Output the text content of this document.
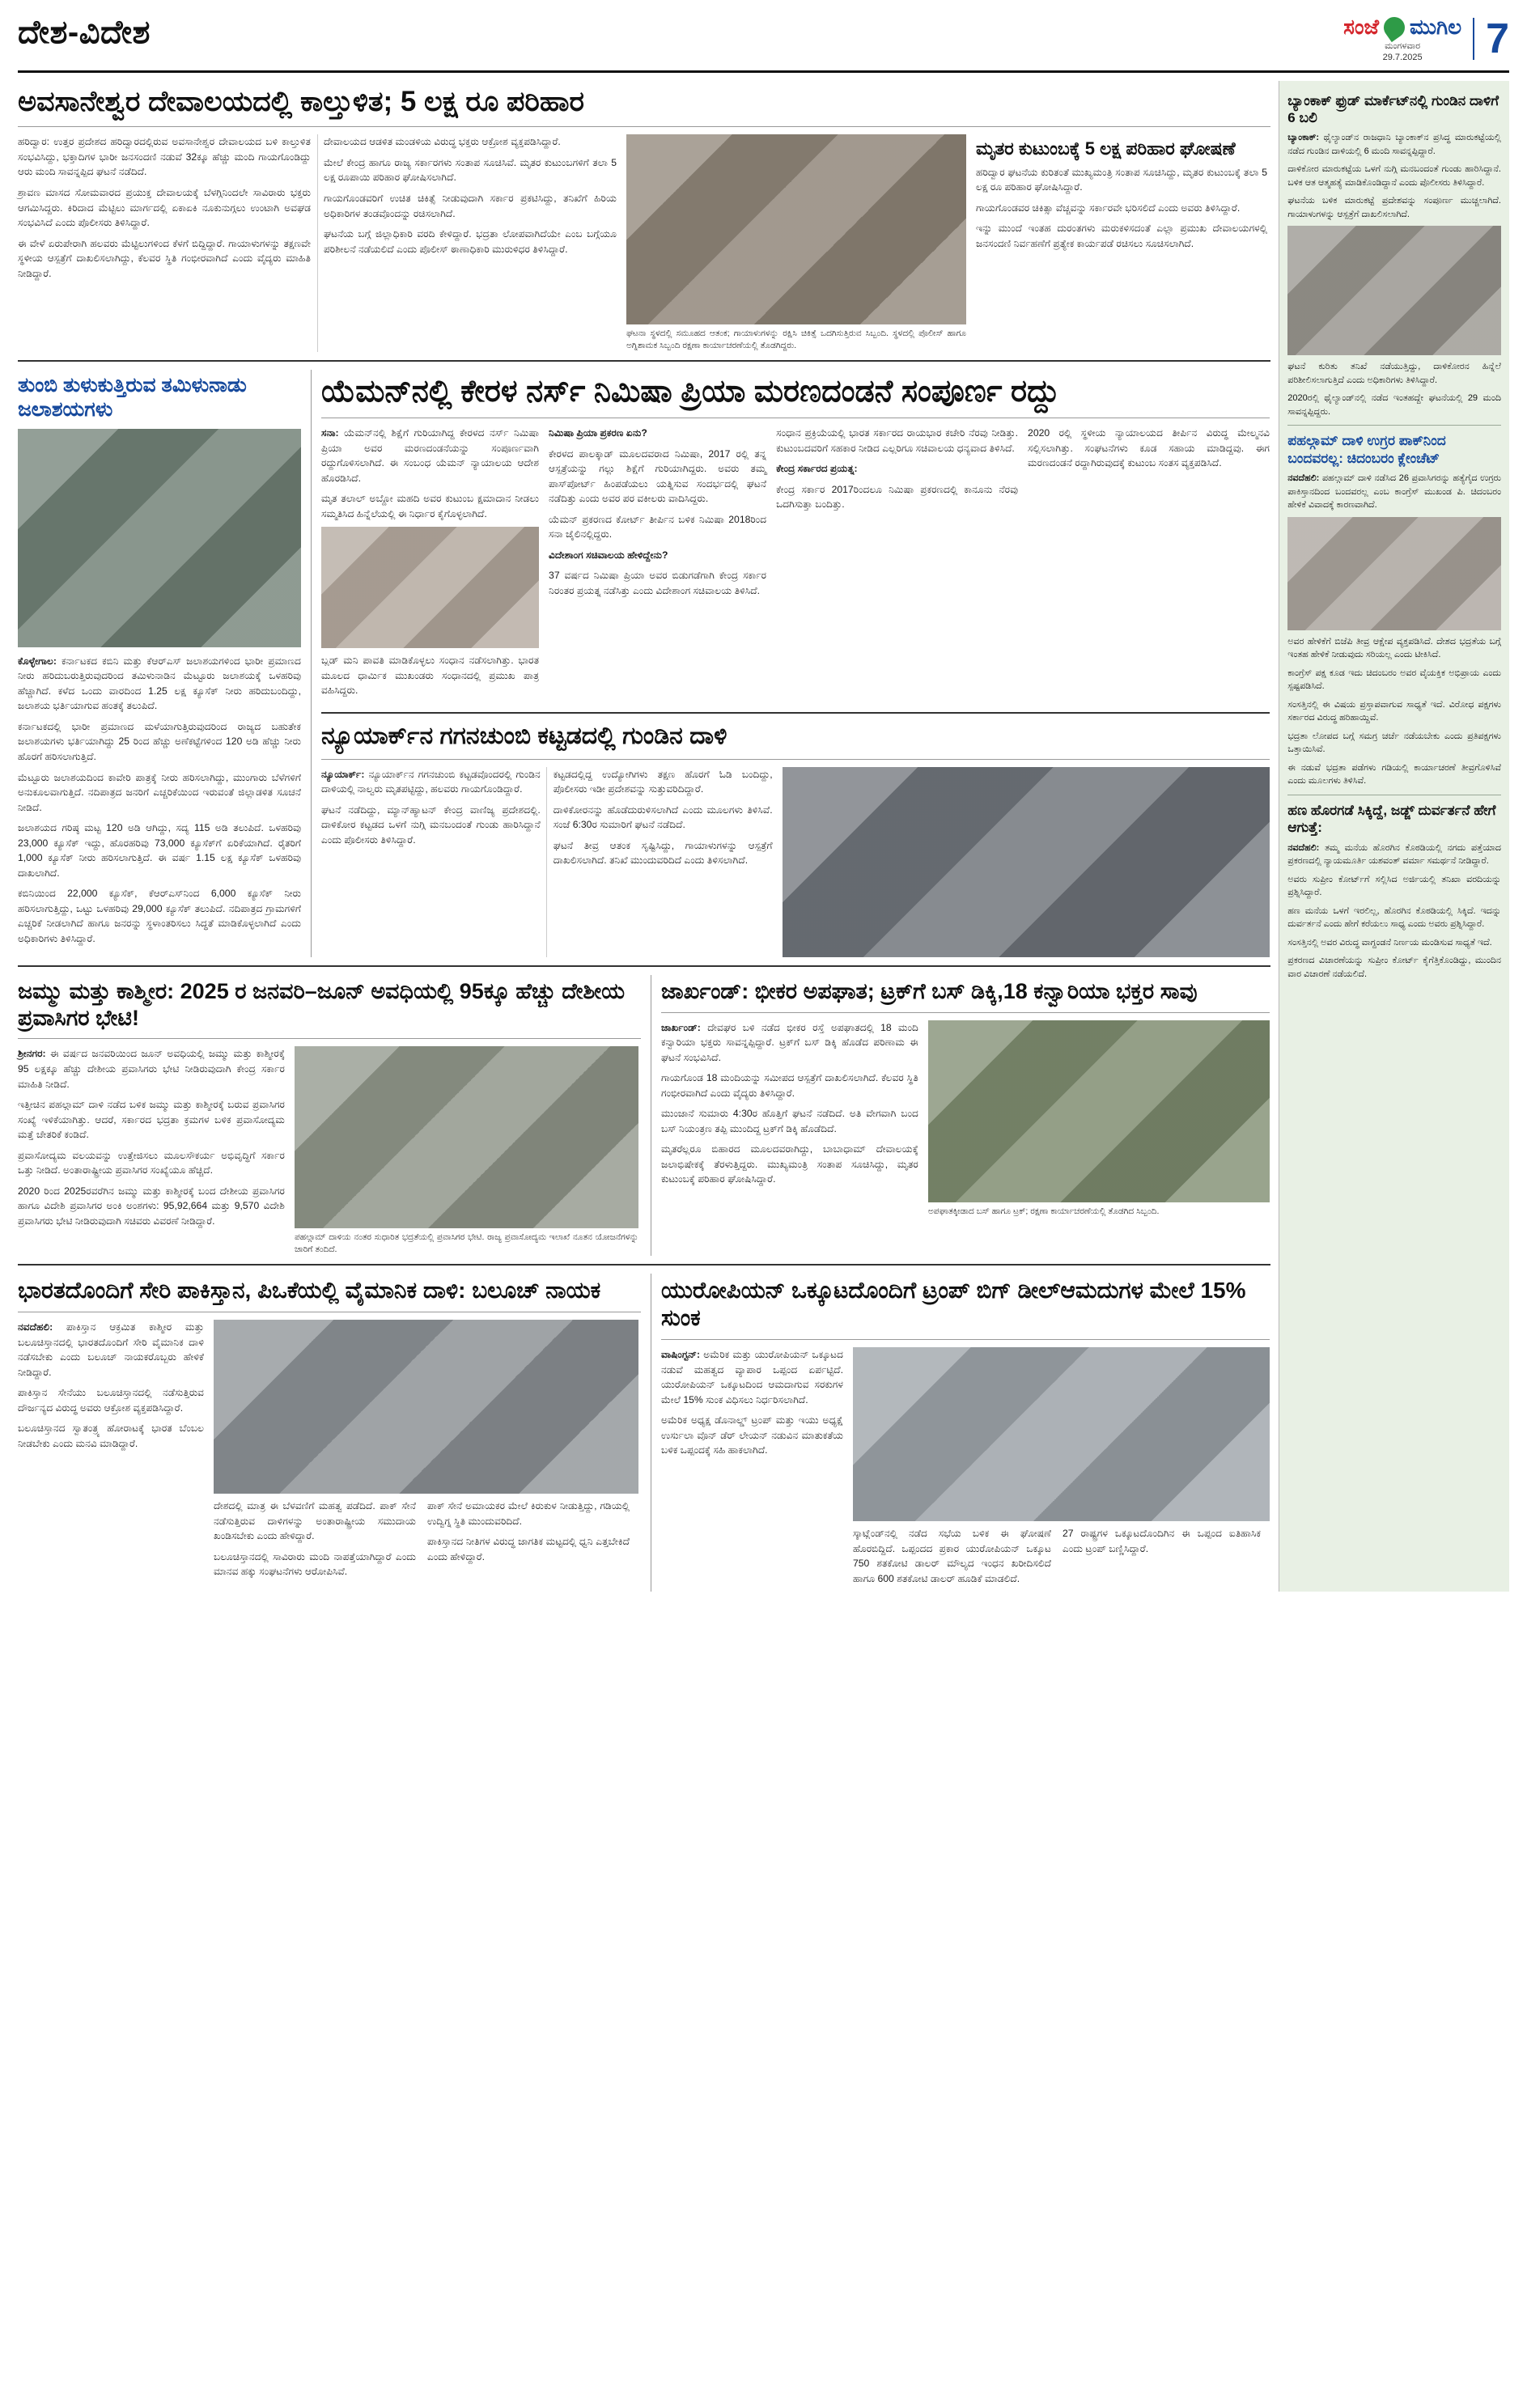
ದೇಶ-ವಿದೇಶ	ಸಂಜೆ ಮುಗಿಲ
ಮಂಗಳವಾರ
29.7.2025	7
ಅವಸಾನೇಶ್ವರ ದೇವಾಲಯದಲ್ಲಿ ಕಾಲ್ತುಳಿತ; 5 ಲಕ್ಷ ರೂ ಪರಿಹಾರ

ಹರಿದ್ವಾರ: ಉತ್ತರ ಪ್ರದೇಶದ ಹರಿದ್ವಾರದಲ್ಲಿರುವ ಅವಸಾನೇಶ್ವರ ದೇವಾಲಯದ ಬಳಿ ಕಾಲ್ತುಳಿತ ಸಂಭವಿಸಿದ್ದು, ಭಕ್ತಾದಿಗಳ ಭಾರೀ ಜನಸಂದಣಿ ನಡುವೆ 32ಕ್ಕೂ ಹೆಚ್ಚು ಮಂದಿ ಗಾಯಗೊಂಡಿದ್ದು ಆರು ಮಂದಿ ಸಾವನ್ನಪ್ಪಿದ ಘಟನೆ ನಡೆದಿದೆ.

ಶ್ರಾವಣ ಮಾಸದ ಸೋಮವಾರದ ಪ್ರಯುಕ್ತ ದೇವಾಲಯಕ್ಕೆ ಬೆಳಗ್ಗಿನಿಂದಲೇ ಸಾವಿರಾರು ಭಕ್ತರು ಆಗಮಿಸಿದ್ದರು. ಕಿರಿದಾದ ಮೆಟ್ಟಿಲು ಮಾರ್ಗದಲ್ಲಿ ಏಕಾಏಕಿ ನೂಕುನುಗ್ಗಲು ಉಂಟಾಗಿ ಅವಘಡ ಸಂಭವಿಸಿದೆ ಎಂದು ಪೊಲೀಸರು ತಿಳಿಸಿದ್ದಾರೆ.

ಈ ವೇಳೆ ಏರುಪೇರಾಗಿ ಹಲವರು ಮೆಟ್ಟಿಲುಗಳಿಂದ ಕೆಳಗೆ ಬಿದ್ದಿದ್ದಾರೆ. ಗಾಯಾಳುಗಳನ್ನು ತಕ್ಷಣವೇ ಸ್ಥಳೀಯ ಆಸ್ಪತ್ರೆಗೆ ದಾಖಲಿಸಲಾಗಿದ್ದು, ಕೆಲವರ ಸ್ಥಿತಿ ಗಂಭೀರವಾಗಿದೆ ಎಂದು ವೈದ್ಯರು ಮಾಹಿತಿ ನೀಡಿದ್ದಾರೆ.

ದೇವಾಲಯದ ಆಡಳಿತ ಮಂಡಳಿಯ ವಿರುದ್ಧ ಭಕ್ತರು ಆಕ್ರೋಶ ವ್ಯಕ್ತಪಡಿಸಿದ್ದಾರೆ.

ಮೇಲೆ ಕೇಂದ್ರ ಹಾಗೂ ರಾಜ್ಯ ಸರ್ಕಾರಗಳು ಸಂತಾಪ ಸೂಚಿಸಿವೆ. ಮೃತರ ಕುಟುಂಬಗಳಿಗೆ ತಲಾ 5 ಲಕ್ಷ ರೂಪಾಯಿ ಪರಿಹಾರ ಘೋಷಿಸಲಾಗಿದೆ.

ಗಾಯಗೊಂಡವರಿಗೆ ಉಚಿತ ಚಿಕಿತ್ಸೆ ನೀಡುವುದಾಗಿ ಸರ್ಕಾರ ಪ್ರಕಟಿಸಿದ್ದು, ತನಿಖೆಗೆ ಹಿರಿಯ ಅಧಿಕಾರಿಗಳ ತಂಡವೊಂದನ್ನು ರಚಿಸಲಾಗಿದೆ.

ಘಟನೆಯ ಬಗ್ಗೆ ಜಿಲ್ಲಾಧಿಕಾರಿ ವರದಿ ಕೇಳಿದ್ದಾರೆ. ಭದ್ರತಾ ಲೋಪವಾಗಿದೆಯೇ ಎಂಬ ಬಗ್ಗೆಯೂ ಪರಿಶೀಲನೆ ನಡೆಯಲಿದೆ ಎಂದು ಪೊಲೀಸ್ ಠಾಣಾಧಿಕಾರಿ ಮುರುಳಿಧರ ತಿಳಿಸಿದ್ದಾರೆ.

ಘಟನಾ ಸ್ಥಳದಲ್ಲಿ ಸಮೂಹದ ಆತಂಕ; ಗಾಯಾಳುಗಳನ್ನು ರಕ್ಷಿಸಿ ಚಿಕಿತ್ಸೆ ಒದಗಿಸುತ್ತಿರುವ ಸಿಬ್ಬಂದಿ. ಸ್ಥಳದಲ್ಲಿ ಪೊಲೀಸ್ ಹಾಗೂ ಅಗ್ನಿಶಾಮಕ ಸಿಬ್ಬಂದಿ ರಕ್ಷಣಾ ಕಾರ್ಯಾಚರಣೆಯಲ್ಲಿ ತೊಡಗಿದ್ದರು.
ಮೃತರ ಕುಟುಂಬಕ್ಕೆ 5 ಲಕ್ಷ ಪರಿಹಾರ ಘೋಷಣೆ

ಹರಿದ್ವಾರ ಘಟನೆಯ ಕುರಿತಂತೆ ಮುಖ್ಯಮಂತ್ರಿ ಸಂತಾಪ ಸೂಚಿಸಿದ್ದು, ಮೃತರ ಕುಟುಂಬಕ್ಕೆ ತಲಾ 5 ಲಕ್ಷ ರೂ ಪರಿಹಾರ ಘೋಷಿಸಿದ್ದಾರೆ.

ಗಾಯಗೊಂಡವರ ಚಿಕಿತ್ಸಾ ವೆಚ್ಚವನ್ನು ಸರ್ಕಾರವೇ ಭರಿಸಲಿದೆ ಎಂದು ಅವರು ತಿಳಿಸಿದ್ದಾರೆ.

ಇನ್ನು ಮುಂದೆ ಇಂತಹ ದುರಂತಗಳು ಮರುಕಳಿಸದಂತೆ ಎಲ್ಲಾ ಪ್ರಮುಖ ದೇವಾಲಯಗಳಲ್ಲಿ ಜನಸಂದಣಿ ನಿರ್ವಹಣೆಗೆ ಪ್ರತ್ಯೇಕ ಕಾರ್ಯಪಡೆ ರಚಿಸಲು ಸೂಚಿಸಲಾಗಿದೆ.

ತುಂಬಿ ತುಳುಕುತ್ತಿರುವ ತಮಿಳುನಾಡು ಜಲಾಶಯಗಳು

ಕೊಳ್ಳೇಗಾಲ: ಕರ್ನಾಟಕದ ಕಬಿನಿ ಮತ್ತು ಕೆಆರ್‌ಎಸ್ ಜಲಾಶಯಗಳಿಂದ ಭಾರೀ ಪ್ರಮಾಣದ ನೀರು ಹರಿದುಬರುತ್ತಿರುವುದರಿಂದ ತಮಿಳುನಾಡಿನ ಮೆಟ್ಟೂರು ಜಲಾಶಯಕ್ಕೆ ಒಳಹರಿವು ಹೆಚ್ಚಾಗಿದೆ. ಕಳೆದ ಒಂದು ವಾರದಿಂದ 1.25 ಲಕ್ಷ ಕ್ಯೂಸೆಕ್ ನೀರು ಹರಿದುಬಂದಿದ್ದು, ಜಲಾಶಯ ಭರ್ತಿಯಾಗುವ ಹಂತಕ್ಕೆ ತಲುಪಿದೆ.

ಕರ್ನಾಟಕದಲ್ಲಿ ಭಾರೀ ಪ್ರಮಾಣದ ಮಳೆಯಾಗುತ್ತಿರುವುದರಿಂದ ರಾಜ್ಯದ ಬಹುತೇಕ ಜಲಾಶಯಗಳು ಭರ್ತಿಯಾಗಿದ್ದು 25 ರಿಂದ ಹೆಚ್ಚು ಅಣೆಕಟ್ಟೆಗಳಿಂದ 120 ಅಡಿ ಹೆಚ್ಚು ನೀರು ಹೊರಗೆ ಹರಿಸಲಾಗುತ್ತಿದೆ.

ಮೆಟ್ಟೂರು ಜಲಾಶಯದಿಂದ ಕಾವೇರಿ ಪಾತ್ರಕ್ಕೆ ನೀರು ಹರಿಸಲಾಗಿದ್ದು, ಮುಂಗಾರು ಬೆಳೆಗಳಿಗೆ ಅನುಕೂಲವಾಗುತ್ತಿದೆ. ನದಿಪಾತ್ರದ ಜನರಿಗೆ ಎಚ್ಚರಿಕೆಯಿಂದ ಇರುವಂತೆ ಜಿಲ್ಲಾಡಳಿತ ಸೂಚನೆ ನೀಡಿದೆ.

ಜಲಾಶಯದ ಗರಿಷ್ಠ ಮಟ್ಟ 120 ಅಡಿ ಆಗಿದ್ದು, ಸದ್ಯ 115 ಅಡಿ ತಲುಪಿದೆ. ಒಳಹರಿವು 23,000 ಕ್ಯೂಸೆಕ್ ಇದ್ದು, ಹೊರಹರಿವು 73,000 ಕ್ಯೂಸೆಕ್‌ಗೆ ಏರಿಕೆಯಾಗಿದೆ. ರೈತರಿಗೆ 1,000 ಕ್ಯೂಸೆಕ್ ನೀರು ಹರಿಸಲಾಗುತ್ತಿದೆ. ಈ ವರ್ಷ 1.15 ಲಕ್ಷ ಕ್ಯೂಸೆಕ್ ಒಳಹರಿವು ದಾಖಲಾಗಿದೆ.

ಕಬಿನಿಯಿಂದ 22,000 ಕ್ಯೂಸೆಕ್, ಕೆಆರ್‌ಎಸ್‌ನಿಂದ 6,000 ಕ್ಯೂಸೆಕ್ ನೀರು ಹರಿಸಲಾಗುತ್ತಿದ್ದು, ಒಟ್ಟು ಒಳಹರಿವು 29,000 ಕ್ಯೂಸೆಕ್ ತಲುಪಿದೆ. ನದಿಪಾತ್ರದ ಗ್ರಾಮಗಳಿಗೆ ಎಚ್ಚರಿಕೆ ನೀಡಲಾಗಿದೆ ಹಾಗೂ ಜನರನ್ನು ಸ್ಥಳಾಂತರಿಸಲು ಸಿದ್ಧತೆ ಮಾಡಿಕೊಳ್ಳಲಾಗಿದೆ ಎಂದು ಅಧಿಕಾರಿಗಳು ತಿಳಿಸಿದ್ದಾರೆ.

ಯೆಮನ್‌ನಲ್ಲಿ ಕೇರಳ ನರ್ಸ್ ನಿಮಿಷಾ ಪ್ರಿಯಾ ಮರಣದಂಡನೆ ಸಂಪೂರ್ಣ ರದ್ದು

ಸನಾ: ಯೆಮನ್‌ನಲ್ಲಿ ಶಿಕ್ಷೆಗೆ ಗುರಿಯಾಗಿದ್ದ ಕೇರಳದ ನರ್ಸ್ ನಿಮಿಷಾ ಪ್ರಿಯಾ ಅವರ ಮರಣದಂಡನೆಯನ್ನು ಸಂಪೂರ್ಣವಾಗಿ ರದ್ದುಗೊಳಿಸಲಾಗಿದೆ. ಈ ಸಂಬಂಧ ಯೆಮನ್ ನ್ಯಾಯಾಲಯ ಆದೇಶ ಹೊರಡಿಸಿದೆ.

ಮೃತ ತಲಾಲ್ ಅಬ್ದೋ ಮಹದಿ ಅವರ ಕುಟುಂಬ ಕ್ಷಮಾದಾನ ನೀಡಲು ಸಮ್ಮತಿಸಿದ ಹಿನ್ನೆಲೆಯಲ್ಲಿ ಈ ನಿರ್ಧಾರ ಕೈಗೊಳ್ಳಲಾಗಿದೆ.

ಬ್ಲಡ್ ಮನಿ ಪಾವತಿ ಮಾಡಿಕೊಳ್ಳಲು ಸಂಧಾನ ನಡೆಸಲಾಗಿತ್ತು. ಭಾರತ ಮೂಲದ ಧಾರ್ಮಿಕ ಮುಖಂಡರು ಸಂಧಾನದಲ್ಲಿ ಪ್ರಮುಖ ಪಾತ್ರ ವಹಿಸಿದ್ದರು.

ನಿಮಿಷಾ ಪ್ರಿಯಾ ಪ್ರಕರಣ ಏನು?

ಕೇರಳದ ಪಾಲಕ್ಕಾಡ್ ಮೂಲದವರಾದ ನಿಮಿಷಾ, 2017 ರಲ್ಲಿ ತನ್ನ ಆಸ್ಪತ್ರೆಯನ್ನು ಗಲ್ಲು ಶಿಕ್ಷೆಗೆ ಗುರಿಯಾಗಿದ್ದರು. ಅವರು ತಮ್ಮ ಪಾಸ್‌ಪೋರ್ಟ್ ಹಿಂಪಡೆಯಲು ಯತ್ನಿಸುವ ಸಂದರ್ಭದಲ್ಲಿ ಘಟನೆ ನಡೆದಿತ್ತು ಎಂದು ಅವರ ಪರ ವಕೀಲರು ವಾದಿಸಿದ್ದರು.

ಯೆಮನ್ ಪ್ರಕರಣದ ಕೋರ್ಟ್ ತೀರ್ಪಿನ ಬಳಿಕ ನಿಮಿಷಾ 2018ರಿಂದ ಸನಾ ಜೈಲಿನಲ್ಲಿದ್ದರು.

ವಿದೇಶಾಂಗ ಸಚಿವಾಲಯ ಹೇಳಿದ್ದೇನು?

37 ವರ್ಷದ ನಿಮಿಷಾ ಪ್ರಿಯಾ ಅವರ ಬಿಡುಗಡೆಗಾಗಿ ಕೇಂದ್ರ ಸರ್ಕಾರ ನಿರಂತರ ಪ್ರಯತ್ನ ನಡೆಸಿತ್ತು ಎಂದು ವಿದೇಶಾಂಗ ಸಚಿವಾಲಯ ತಿಳಿಸಿದೆ.

ಸಂಧಾನ ಪ್ರಕ್ರಿಯೆಯಲ್ಲಿ ಭಾರತ ಸರ್ಕಾರದ ರಾಯಭಾರ ಕಚೇರಿ ನೆರವು ನೀಡಿತ್ತು. ಕುಟುಂಬದವರಿಗೆ ಸಹಕಾರ ನೀಡಿದ ಎಲ್ಲರಿಗೂ ಸಚಿವಾಲಯ ಧನ್ಯವಾದ ತಿಳಿಸಿದೆ.

ಕೇಂದ್ರ ಸರ್ಕಾರದ ಪ್ರಯತ್ನ:

ಕೇಂದ್ರ ಸರ್ಕಾರ 2017ರಿಂದಲೂ ನಿಮಿಷಾ ಪ್ರಕರಣದಲ್ಲಿ ಕಾನೂನು ನೆರವು ಒದಗಿಸುತ್ತಾ ಬಂದಿತ್ತು.

2020 ರಲ್ಲಿ ಸ್ಥಳೀಯ ನ್ಯಾಯಾಲಯದ ತೀರ್ಪಿನ ವಿರುದ್ಧ ಮೇಲ್ಮನವಿ ಸಲ್ಲಿಸಲಾಗಿತ್ತು. ಸಂಘಟನೆಗಳು ಕೂಡ ಸಹಾಯ ಮಾಡಿದ್ದವು. ಈಗ ಮರಣದಂಡನೆ ರದ್ದಾಗಿರುವುದಕ್ಕೆ ಕುಟುಂಬ ಸಂತಸ ವ್ಯಕ್ತಪಡಿಸಿದೆ.

ನ್ಯೂಯಾರ್ಕ್‌ನ ಗಗನಚುಂಬಿ ಕಟ್ಟಡದಲ್ಲಿ ಗುಂಡಿನ ದಾಳಿ

ನ್ಯೂಯಾರ್ಕ್: ನ್ಯೂಯಾರ್ಕ್‌ನ ಗಗನಚುಂಬಿ ಕಟ್ಟಡವೊಂದರಲ್ಲಿ ಗುಂಡಿನ ದಾಳಿಯಲ್ಲಿ ನಾಲ್ವರು ಮೃತಪಟ್ಟಿದ್ದು, ಹಲವರು ಗಾಯಗೊಂಡಿದ್ದಾರೆ.

ಘಟನೆ ನಡೆದಿದ್ದು, ಮ್ಯಾನ್‌ಹ್ಯಾಟನ್ ಕೇಂದ್ರ ವಾಣಿಜ್ಯ ಪ್ರದೇಶದಲ್ಲಿ. ದಾಳಿಕೋರ ಕಟ್ಟಡದ ಒಳಗೆ ನುಗ್ಗಿ ಮನಬಂದಂತೆ ಗುಂಡು ಹಾರಿಸಿದ್ದಾನೆ ಎಂದು ಪೊಲೀಸರು ತಿಳಿಸಿದ್ದಾರೆ.

ಕಟ್ಟಡದಲ್ಲಿದ್ದ ಉದ್ಯೋಗಿಗಳು ತಕ್ಷಣ ಹೊರಗೆ ಓಡಿ ಬಂದಿದ್ದು, ಪೊಲೀಸರು ಇಡೀ ಪ್ರದೇಶವನ್ನು ಸುತ್ತುವರಿದಿದ್ದಾರೆ.

ದಾಳಿಕೋರನನ್ನು ಹೊಡೆದುರುಳಿಸಲಾಗಿದೆ ಎಂದು ಮೂಲಗಳು ತಿಳಿಸಿವೆ. ಸಂಜೆ 6:30ರ ಸುಮಾರಿಗೆ ಘಟನೆ ನಡೆದಿದೆ.

ಘಟನೆ ತೀವ್ರ ಆತಂಕ ಸೃಷ್ಟಿಸಿದ್ದು, ಗಾಯಾಳುಗಳನ್ನು ಆಸ್ಪತ್ರೆಗೆ ದಾಖಲಿಸಲಾಗಿದೆ. ತನಿಖೆ ಮುಂದುವರಿದಿದೆ ಎಂದು ತಿಳಿಸಲಾಗಿದೆ.

ಜಮ್ಮು ಮತ್ತು ಕಾಶ್ಮೀರ: 2025 ರ ಜನವರಿ–ಜೂನ್ ಅವಧಿಯಲ್ಲಿ 95ಕ್ಕೂ ಹೆಚ್ಚು ದೇಶೀಯ ಪ್ರವಾಸಿಗರ ಭೇಟಿ!

ಶ್ರೀನಗರ: ಈ ವರ್ಷದ ಜನವರಿಯಿಂದ ಜೂನ್ ಅವಧಿಯಲ್ಲಿ ಜಮ್ಮು ಮತ್ತು ಕಾಶ್ಮೀರಕ್ಕೆ 95 ಲಕ್ಷಕ್ಕೂ ಹೆಚ್ಚು ದೇಶೀಯ ಪ್ರವಾಸಿಗರು ಭೇಟಿ ನೀಡಿರುವುದಾಗಿ ಕೇಂದ್ರ ಸರ್ಕಾರ ಮಾಹಿತಿ ನೀಡಿದೆ.

ಇತ್ತೀಚಿನ ಪಹಲ್ಗಾಮ್ ದಾಳಿ ನಡೆದ ಬಳಿಕ ಜಮ್ಮು ಮತ್ತು ಕಾಶ್ಮೀರಕ್ಕೆ ಬರುವ ಪ್ರವಾಸಿಗರ ಸಂಖ್ಯೆ ಇಳಿಕೆಯಾಗಿತ್ತು. ಆದರೆ, ಸರ್ಕಾರದ ಭದ್ರತಾ ಕ್ರಮಗಳ ಬಳಿಕ ಪ್ರವಾಸೋದ್ಯಮ ಮತ್ತೆ ಚೇತರಿಕೆ ಕಂಡಿದೆ.

ಪ್ರವಾಸೋದ್ಯಮ ವಲಯವನ್ನು ಉತ್ತೇಜಿಸಲು ಮೂಲಸೌಕರ್ಯ ಅಭಿವೃದ್ಧಿಗೆ ಸರ್ಕಾರ ಒತ್ತು ನೀಡಿದೆ. ಅಂತಾರಾಷ್ಟ್ರೀಯ ಪ್ರವಾಸಿಗರ ಸಂಖ್ಯೆಯೂ ಹೆಚ್ಚಿದೆ.

2020 ರಿಂದ 2025ರವರೆಗಿನ ಜಮ್ಮು ಮತ್ತು ಕಾಶ್ಮೀರಕ್ಕೆ ಬಂದ ದೇಶೀಯ ಪ್ರವಾಸಿಗರ ಹಾಗೂ ವಿದೇಶಿ ಪ್ರವಾಸಿಗರ ಅಂಕಿ ಅಂಶಗಳು: 95,92,664 ಮತ್ತು 9,570 ವಿದೇಶಿ ಪ್ರವಾಸಿಗರು ಭೇಟಿ ನೀಡಿರುವುದಾಗಿ ಸಚಿವರು ವಿವರಣೆ ನೀಡಿದ್ದಾರೆ.

ಪಹಲ್ಗಾಮ್ ದಾಳಿಯ ನಂತರ ಸುಧಾರಿತ ಭದ್ರತೆಯಲ್ಲಿ ಪ್ರವಾಸಿಗರ ಭೇಟಿ. ರಾಜ್ಯ ಪ್ರವಾಸೋದ್ಯಮ ಇಲಾಖೆ ನೂತನ ಯೋಜನೆಗಳನ್ನು ಜಾರಿಗೆ ತಂದಿದೆ.
ಜಾರ್ಖಂಡ್: ಭೀಕರ ಅಪಘಾತ; ಟ್ರಕ್‌ಗೆ ಬಸ್ ಡಿಕ್ಕಿ,18 ಕನ್ವಾರಿಯಾ ಭಕ್ತರ ಸಾವು

ಜಾರ್ಖಂಡ್: ದೇವಘರ ಬಳಿ ನಡೆದ ಭೀಕರ ರಸ್ತೆ ಅಪಘಾತದಲ್ಲಿ 18 ಮಂದಿ ಕನ್ವಾರಿಯಾ ಭಕ್ತರು ಸಾವನ್ನಪ್ಪಿದ್ದಾರೆ. ಟ್ರಕ್‌ಗೆ ಬಸ್ ಡಿಕ್ಕಿ ಹೊಡೆದ ಪರಿಣಾಮ ಈ ಘಟನೆ ಸಂಭವಿಸಿದೆ.

ಗಾಯಗೊಂಡ 18 ಮಂದಿಯನ್ನು ಸಮೀಪದ ಆಸ್ಪತ್ರೆಗೆ ದಾಖಲಿಸಲಾಗಿದೆ. ಕೆಲವರ ಸ್ಥಿತಿ ಗಂಭೀರವಾಗಿದೆ ಎಂದು ವೈದ್ಯರು ತಿಳಿಸಿದ್ದಾರೆ.

ಮುಂಜಾನೆ ಸುಮಾರು 4:30ರ ಹೊತ್ತಿಗೆ ಘಟನೆ ನಡೆದಿದೆ. ಅತಿ ವೇಗವಾಗಿ ಬಂದ ಬಸ್ ನಿಯಂತ್ರಣ ತಪ್ಪಿ ಮುಂದಿದ್ದ ಟ್ರಕ್‌ಗೆ ಡಿಕ್ಕಿ ಹೊಡೆದಿದೆ.

ಮೃತರೆಲ್ಲರೂ ಬಿಹಾರದ ಮೂಲದವರಾಗಿದ್ದು, ಬಾಬಾಧಾಮ್ ದೇವಾಲಯಕ್ಕೆ ಜಲಾಭಿಷೇಕಕ್ಕೆ ತೆರಳುತ್ತಿದ್ದರು. ಮುಖ್ಯಮಂತ್ರಿ ಸಂತಾಪ ಸೂಚಿಸಿದ್ದು, ಮೃತರ ಕುಟುಂಬಕ್ಕೆ ಪರಿಹಾರ ಘೋಷಿಸಿದ್ದಾರೆ.

ಅಪಘಾತಕ್ಕೀಡಾದ ಬಸ್ ಹಾಗೂ ಟ್ರಕ್; ರಕ್ಷಣಾ ಕಾರ್ಯಾಚರಣೆಯಲ್ಲಿ ತೊಡಗಿದ ಸಿಬ್ಬಂದಿ.
ಭಾರತದೊಂದಿಗೆ ಸೇರಿ ಪಾಕಿಸ್ತಾನ, ಪಿಒಕೆಯಲ್ಲಿ ವೈಮಾನಿಕ ದಾಳಿ: ಬಲೂಚ್ ನಾಯಕ

ನವದೆಹಲಿ: ಪಾಕಿಸ್ತಾನ ಆಕ್ರಮಿತ ಕಾಶ್ಮೀರ ಮತ್ತು ಬಲೂಚಿಸ್ತಾನದಲ್ಲಿ ಭಾರತದೊಂದಿಗೆ ಸೇರಿ ವೈಮಾನಿಕ ದಾಳಿ ನಡೆಸಬೇಕು ಎಂದು ಬಲೂಚ್ ನಾಯಕರೊಬ್ಬರು ಹೇಳಿಕೆ ನೀಡಿದ್ದಾರೆ.

ಪಾಕಿಸ್ತಾನ ಸೇನೆಯು ಬಲೂಚಿಸ್ತಾನದಲ್ಲಿ ನಡೆಸುತ್ತಿರುವ ದೌರ್ಜನ್ಯದ ವಿರುದ್ಧ ಅವರು ಆಕ್ರೋಶ ವ್ಯಕ್ತಪಡಿಸಿದ್ದಾರೆ.

ಬಲೂಚಿಸ್ತಾನದ ಸ್ವಾತಂತ್ರ್ಯ ಹೋರಾಟಕ್ಕೆ ಭಾರತ ಬೆಂಬಲ ನೀಡಬೇಕು ಎಂದು ಮನವಿ ಮಾಡಿದ್ದಾರೆ.

ದೇಶದಲ್ಲಿ ಮಾತ್ರ ಈ ಬೆಳವಣಿಗೆ ಮಹತ್ವ ಪಡೆದಿದೆ. ಪಾಕ್ ಸೇನೆ ನಡೆಸುತ್ತಿರುವ ದಾಳಿಗಳನ್ನು ಅಂತಾರಾಷ್ಟ್ರೀಯ ಸಮುದಾಯ ಖಂಡಿಸಬೇಕು ಎಂದು ಹೇಳಿದ್ದಾರೆ.

ಬಲೂಚಿಸ್ತಾನದಲ್ಲಿ ಸಾವಿರಾರು ಮಂದಿ ನಾಪತ್ತೆಯಾಗಿದ್ದಾರೆ ಎಂದು ಮಾನವ ಹಕ್ಕು ಸಂಘಟನೆಗಳು ಆರೋಪಿಸಿವೆ.

ಪಾಕ್ ಸೇನೆ ಅಮಾಯಕರ ಮೇಲೆ ಕಿರುಕುಳ ನೀಡುತ್ತಿದ್ದು, ಗಡಿಯಲ್ಲಿ ಉದ್ವಿಗ್ನ ಸ್ಥಿತಿ ಮುಂದುವರಿದಿದೆ.

ಪಾಕಿಸ್ತಾನದ ನೀತಿಗಳ ವಿರುದ್ಧ ಜಾಗತಿಕ ಮಟ್ಟದಲ್ಲಿ ಧ್ವನಿ ಎತ್ತಬೇಕಿದೆ ಎಂದು ಹೇಳಿದ್ದಾರೆ.

ಯುರೋಪಿಯನ್ ಒಕ್ಕೂಟದೊಂದಿಗೆ ಟ್ರಂಪ್ ಬಿಗ್ ಡೀಲ್‌ಆಮದುಗಳ ಮೇಲೆ 15% ಸುಂಕ

ವಾಷಿಂಗ್ಟನ್: ಅಮೆರಿಕ ಮತ್ತು ಯುರೋಪಿಯನ್ ಒಕ್ಕೂಟದ ನಡುವೆ ಮಹತ್ವದ ವ್ಯಾಪಾರ ಒಪ್ಪಂದ ಏರ್ಪಟ್ಟಿದೆ. ಯುರೋಪಿಯನ್ ಒಕ್ಕೂಟದಿಂದ ಆಮದಾಗುವ ಸರಕುಗಳ ಮೇಲೆ 15% ಸುಂಕ ವಿಧಿಸಲು ನಿರ್ಧರಿಸಲಾಗಿದೆ.

ಅಮೆರಿಕ ಅಧ್ಯಕ್ಷ ಡೊನಾಲ್ಡ್ ಟ್ರಂಪ್ ಮತ್ತು ಇಯು ಅಧ್ಯಕ್ಷೆ ಉರ್ಸುಲಾ ವೊನ್ ಡೆರ್ ಲೇಯನ್ ನಡುವಿನ ಮಾತುಕತೆಯ ಬಳಿಕ ಒಪ್ಪಂದಕ್ಕೆ ಸಹಿ ಹಾಕಲಾಗಿದೆ.

ಸ್ಕಾಟ್ಲೆಂಡ್‌ನಲ್ಲಿ ನಡೆದ ಸಭೆಯ ಬಳಿಕ ಈ ಘೋಷಣೆ ಹೊರಬಿದ್ದಿದೆ. ಒಪ್ಪಂದದ ಪ್ರಕಾರ ಯುರೋಪಿಯನ್ ಒಕ್ಕೂಟ 750 ಶತಕೋಟಿ ಡಾಲರ್ ಮೌಲ್ಯದ ಇಂಧನ ಖರೀದಿಸಲಿದೆ ಹಾಗೂ 600 ಶತಕೋಟಿ ಡಾಲರ್ ಹೂಡಿಕೆ ಮಾಡಲಿದೆ.

27 ರಾಷ್ಟ್ರಗಳ ಒಕ್ಕೂಟದೊಂದಿಗಿನ ಈ ಒಪ್ಪಂದ ಐತಿಹಾಸಿಕ ಎಂದು ಟ್ರಂಪ್ ಬಣ್ಣಿಸಿದ್ದಾರೆ.

ಬ್ಯಾಂಕಾಕ್ ಫ್ರುಡ್ ಮಾರ್ಕೆಟ್‌ನಲ್ಲಿ ಗುಂಡಿನ ದಾಳಿಗೆ 6 ಬಲಿ

ಬ್ಯಾಂಕಾಕ್: ಥೈಲ್ಯಾಂಡ್‌ನ ರಾಜಧಾನಿ ಬ್ಯಾಂಕಾಕ್‌ನ ಪ್ರಸಿದ್ಧ ಮಾರುಕಟ್ಟೆಯಲ್ಲಿ ನಡೆದ ಗುಂಡಿನ ದಾಳಿಯಲ್ಲಿ 6 ಮಂದಿ ಸಾವನ್ನಪ್ಪಿದ್ದಾರೆ.

ದಾಳಿಕೋರ ಮಾರುಕಟ್ಟೆಯ ಒಳಗೆ ನುಗ್ಗಿ ಮನಬಂದಂತೆ ಗುಂಡು ಹಾರಿಸಿದ್ದಾನೆ. ಬಳಿಕ ಆತ ಆತ್ಮಹತ್ಯೆ ಮಾಡಿಕೊಂಡಿದ್ದಾನೆ ಎಂದು ಪೊಲೀಸರು ತಿಳಿಸಿದ್ದಾರೆ.

ಘಟನೆಯ ಬಳಿಕ ಮಾರುಕಟ್ಟೆ ಪ್ರದೇಶವನ್ನು ಸಂಪೂರ್ಣ ಮುಚ್ಚಲಾಗಿದೆ. ಗಾಯಾಳುಗಳನ್ನು ಆಸ್ಪತ್ರೆಗೆ ದಾಖಲಿಸಲಾಗಿದೆ.

ಘಟನೆ ಕುರಿತು ತನಿಖೆ ನಡೆಯುತ್ತಿದ್ದು, ದಾಳಿಕೋರನ ಹಿನ್ನೆಲೆ ಪರಿಶೀಲಿಸಲಾಗುತ್ತಿದೆ ಎಂದು ಅಧಿಕಾರಿಗಳು ತಿಳಿಸಿದ್ದಾರೆ.

2020ರಲ್ಲಿ ಥೈಲ್ಯಾಂಡ್‌ನಲ್ಲಿ ನಡೆದ ಇಂತಹದ್ದೇ ಘಟನೆಯಲ್ಲಿ 29 ಮಂದಿ ಸಾವನ್ನಪ್ಪಿದ್ದರು.

ಪಹಲ್ಗಾಮ್ ದಾಳಿ ಉಗ್ರರ ಪಾಕ್‌ನಿಂದ ಬಂದವರಲ್ಲ: ಚಿದಂಬರಂ ಕ್ಲೇಂಚೆಟ್

ನವದೆಹಲಿ: ಪಹಲ್ಗಾಮ್ ದಾಳಿ ನಡೆಸಿದ 26 ಪ್ರವಾಸಿಗರನ್ನು ಹತ್ಯೆಗೈದ ಉಗ್ರರು ಪಾಕಿಸ್ತಾನದಿಂದ ಬಂದವರಲ್ಲ ಎಂಬ ಕಾಂಗ್ರೆಸ್ ಮುಖಂಡ ಪಿ. ಚಿದಂಬರಂ ಹೇಳಿಕೆ ವಿವಾದಕ್ಕೆ ಕಾರಣವಾಗಿದೆ.

ಅವರ ಹೇಳಿಕೆಗೆ ಬಿಜೆಪಿ ತೀವ್ರ ಆಕ್ಷೇಪ ವ್ಯಕ್ತಪಡಿಸಿದೆ. ದೇಶದ ಭದ್ರತೆಯ ಬಗ್ಗೆ ಇಂತಹ ಹೇಳಿಕೆ ನೀಡುವುದು ಸರಿಯಲ್ಲ ಎಂದು ಟೀಕಿಸಿದೆ.

ಕಾಂಗ್ರೆಸ್ ಪಕ್ಷ ಕೂಡ ಇದು ಚಿದಂಬರಂ ಅವರ ವೈಯಕ್ತಿಕ ಅಭಿಪ್ರಾಯ ಎಂದು ಸ್ಪಷ್ಟಪಡಿಸಿದೆ.

ಸಂಸತ್ತಿನಲ್ಲಿ ಈ ವಿಷಯ ಪ್ರಸ್ತಾಪವಾಗುವ ಸಾಧ್ಯತೆ ಇದೆ. ವಿರೋಧ ಪಕ್ಷಗಳು ಸರ್ಕಾರದ ವಿರುದ್ಧ ಹರಿಹಾಯ್ದಿವೆ.

ಭದ್ರತಾ ಲೋಪದ ಬಗ್ಗೆ ಸಮಗ್ರ ಚರ್ಚೆ ನಡೆಯಬೇಕು ಎಂದು ಪ್ರತಿಪಕ್ಷಗಳು ಒತ್ತಾಯಿಸಿವೆ.

ಈ ನಡುವೆ ಭದ್ರತಾ ಪಡೆಗಳು ಗಡಿಯಲ್ಲಿ ಕಾರ್ಯಾಚರಣೆ ತೀವ್ರಗೊಳಿಸಿವೆ ಎಂದು ಮೂಲಗಳು ತಿಳಿಸಿವೆ.

ಹಣ ಹೊರಗಡೆ ಸಿಕ್ಕಿದ್ದೆ, ಜಡ್ಜ್ ದುರ್ವರ್ತನೆ ಹೇಗೆ ಆಗುತ್ತೆ:

ನವದೆಹಲಿ: ತಮ್ಮ ಮನೆಯ ಹೊರಗಿನ ಕೊಠಡಿಯಲ್ಲಿ ನಗದು ಪತ್ತೆಯಾದ ಪ್ರಕರಣದಲ್ಲಿ ನ್ಯಾಯಮೂರ್ತಿ ಯಶವಂತ್ ವರ್ಮಾ ಸಮರ್ಥನೆ ನೀಡಿದ್ದಾರೆ.

ಅವರು ಸುಪ್ರೀಂ ಕೋರ್ಟ್‌ಗೆ ಸಲ್ಲಿಸಿದ ಅರ್ಜಿಯಲ್ಲಿ ತನಿಖಾ ವರದಿಯನ್ನು ಪ್ರಶ್ನಿಸಿದ್ದಾರೆ.

ಹಣ ಮನೆಯ ಒಳಗೆ ಇರಲಿಲ್ಲ, ಹೊರಗಿನ ಕೊಠಡಿಯಲ್ಲಿ ಸಿಕ್ಕಿದೆ. ಇದನ್ನು ದುರ್ವರ್ತನೆ ಎಂದು ಹೇಗೆ ಕರೆಯಲು ಸಾಧ್ಯ ಎಂದು ಅವರು ಪ್ರಶ್ನಿಸಿದ್ದಾರೆ.

ಸಂಸತ್ತಿನಲ್ಲಿ ಅವರ ವಿರುದ್ಧ ವಾಗ್ದಂಡನೆ ನಿರ್ಣಯ ಮಂಡಿಸುವ ಸಾಧ್ಯತೆ ಇದೆ.

ಪ್ರಕರಣದ ವಿಚಾರಣೆಯನ್ನು ಸುಪ್ರೀಂ ಕೋರ್ಟ್ ಕೈಗೆತ್ತಿಕೊಂಡಿದ್ದು, ಮುಂದಿನ ವಾರ ವಿಚಾರಣೆ ನಡೆಯಲಿದೆ.
